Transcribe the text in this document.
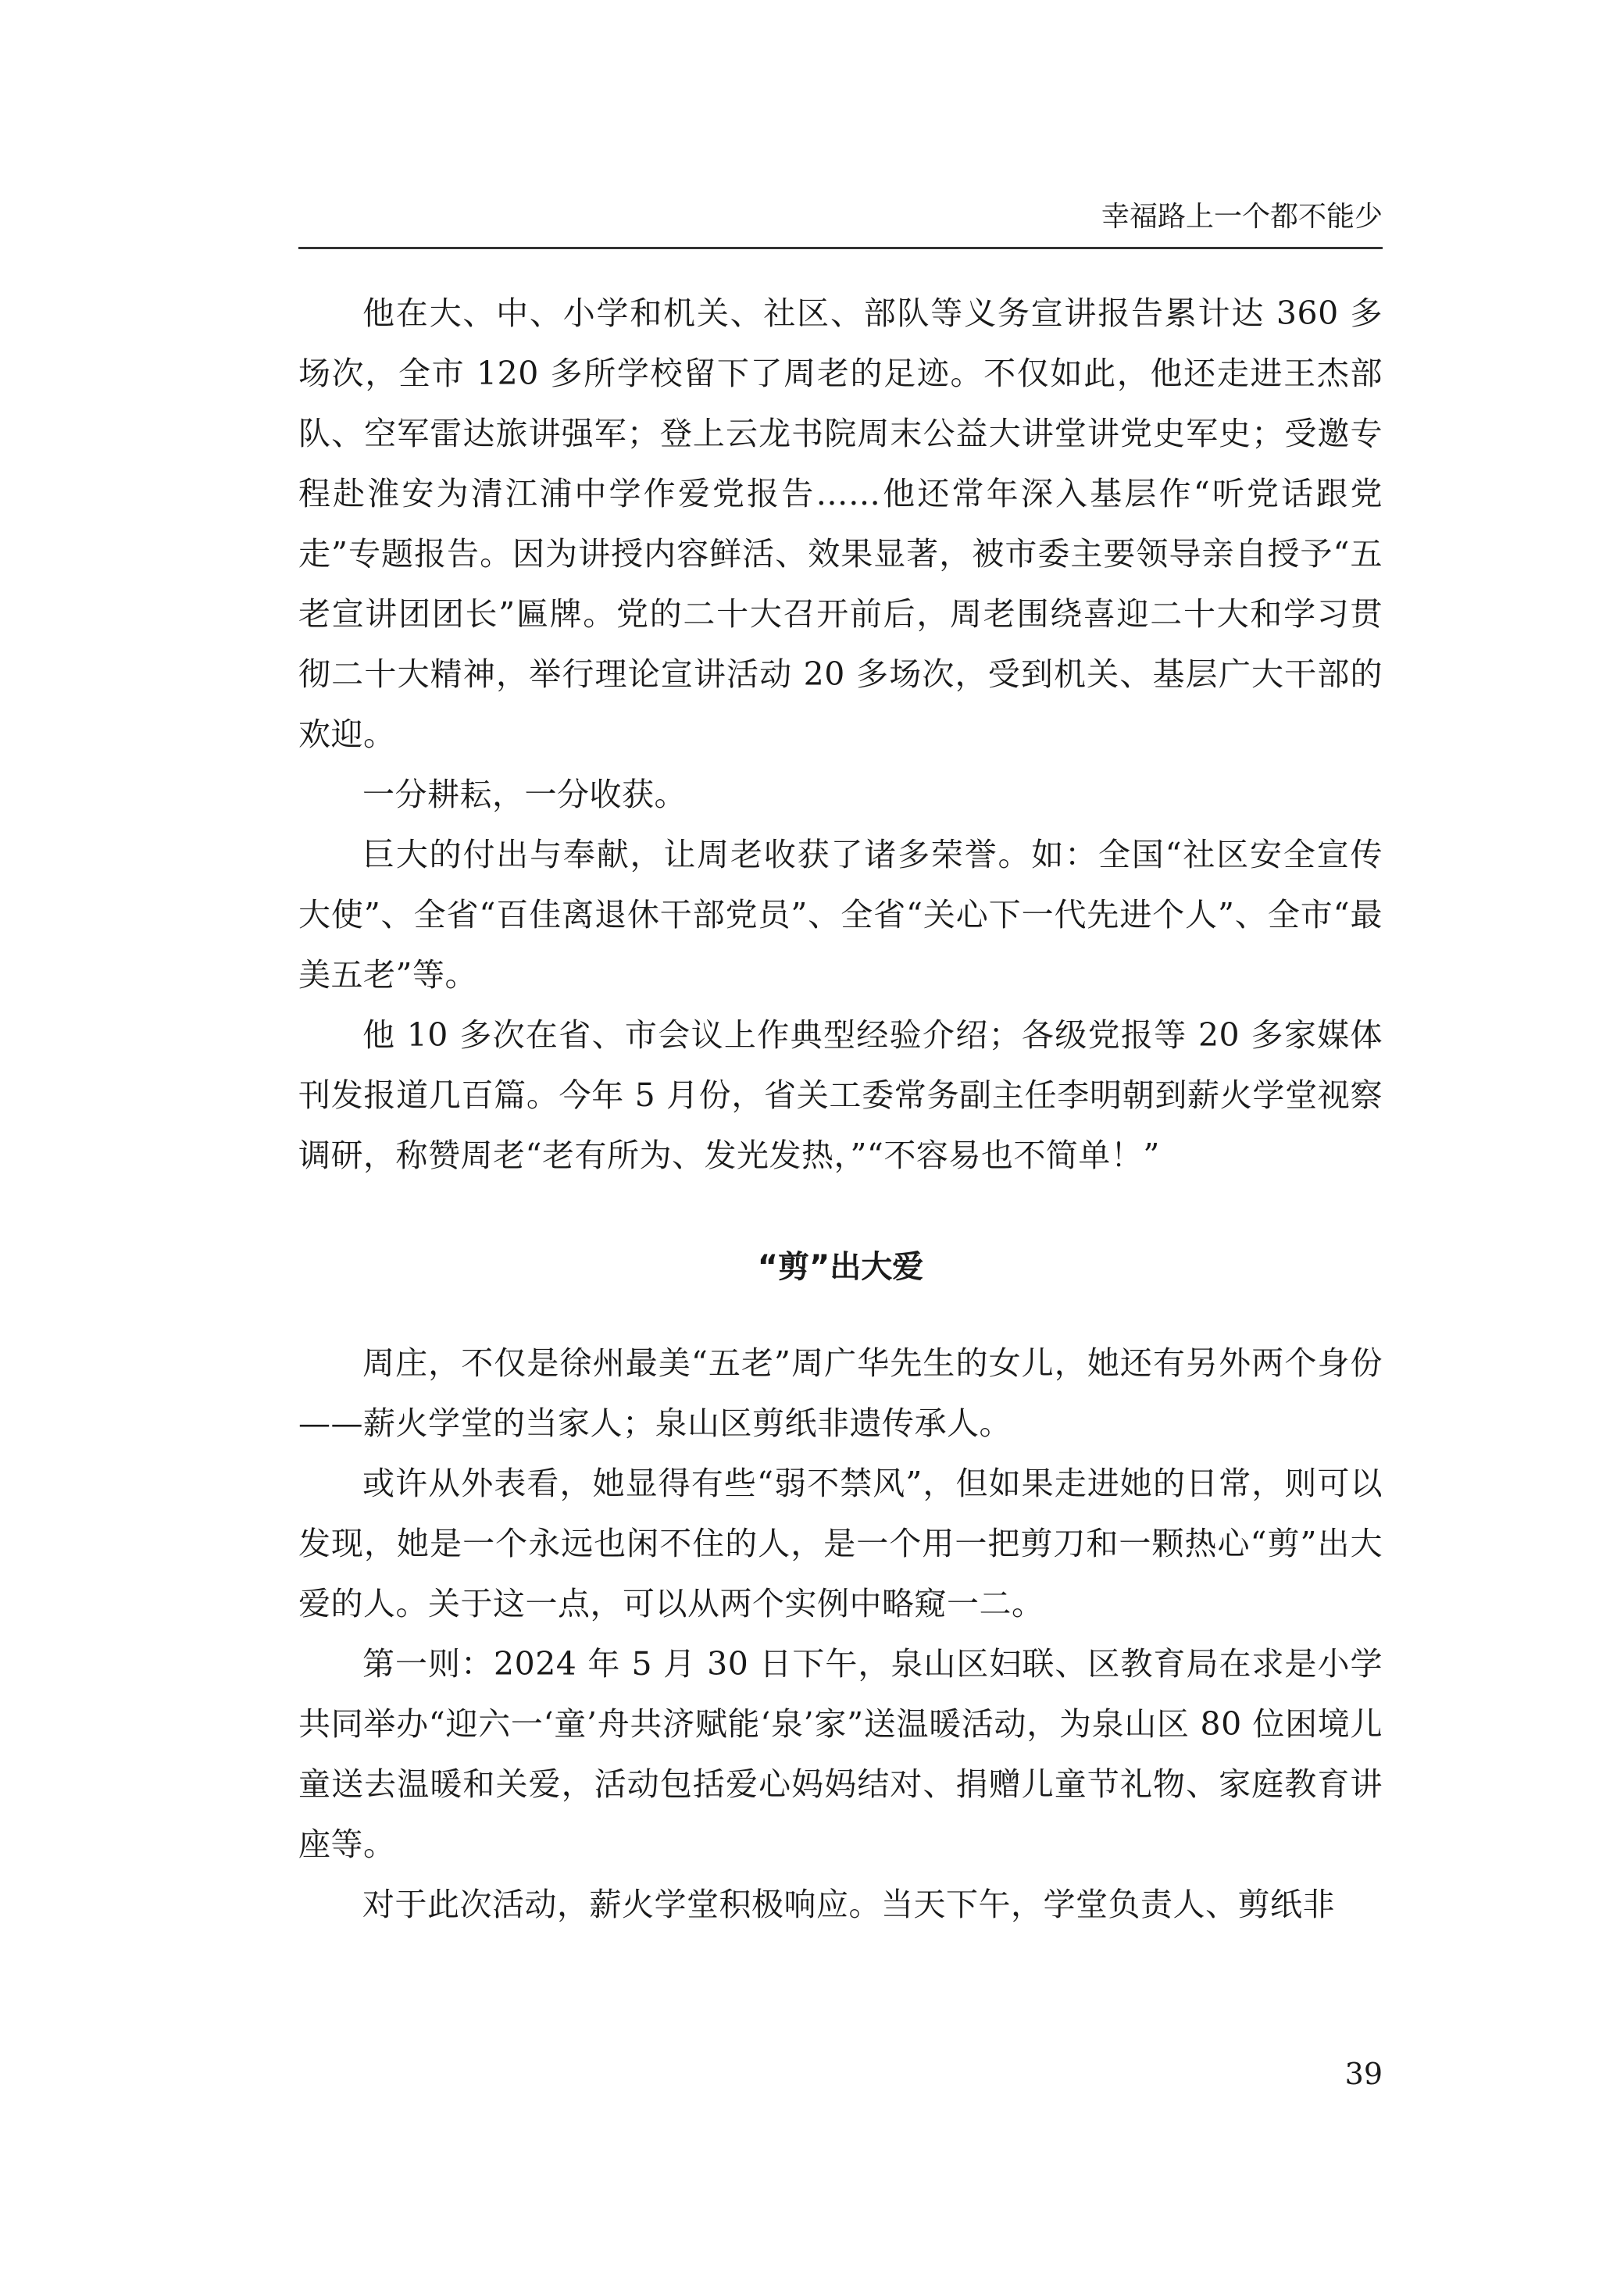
幸福路上一个都不能少

他在大、中、小学和机关、社区、部队等义务宣讲报告累计达 360 多场次，全市 120 多所学校留下了周老的足迹。不仅如此，他还走进王杰部队、空军雷达旅讲强军；登上云龙书院周末公益大讲堂讲党史军史；受邀专程赴淮安为清江浦中学作爱党报告……他还常年深入基层作“听党话跟党走”专题报告。因为讲授内容鲜活、效果显著，被市委主要领导亲自授予“五老宣讲团团长”匾牌。党的二十大召开前后，周老围绕喜迎二十大和学习贯彻二十大精神，举行理论宣讲活动 20 多场次，受到机关、基层广大干部的欢迎。

一分耕耘，一分收获。

巨大的付出与奉献，让周老收获了诸多荣誉。如：全国“社区安全宣传大使”、全省“百佳离退休干部党员”、全省“关心下一代先进个人”、全市“最美五老”等。

他 10 多次在省、市会议上作典型经验介绍；各级党报等 20 多家媒体刊发报道几百篇。今年 5 月份，省关工委常务副主任李明朝到薪火学堂视察调研，称赞周老“老有所为、发光发热，”“不容易也不简单！”

“剪”出大爱

周庄，不仅是徐州最美“五老”周广华先生的女儿，她还有另外两个身份——薪火学堂的当家人；泉山区剪纸非遗传承人。

或许从外表看，她显得有些“弱不禁风”，但如果走进她的日常，则可以发现，她是一个永远也闲不住的人，是一个用一把剪刀和一颗热心“剪”出大爱的人。关于这一点，可以从两个实例中略窥一二。

第一则：2024 年 5 月 30 日下午，泉山区妇联、区教育局在求是小学共同举办“迎六一‘童’舟共济赋能‘泉’家”送温暖活动，为泉山区 80 位困境儿童送去温暖和关爱，活动包括爱心妈妈结对、捐赠儿童节礼物、家庭教育讲座等。

对于此次活动，薪火学堂积极响应。当天下午，学堂负责人、剪纸非

39
